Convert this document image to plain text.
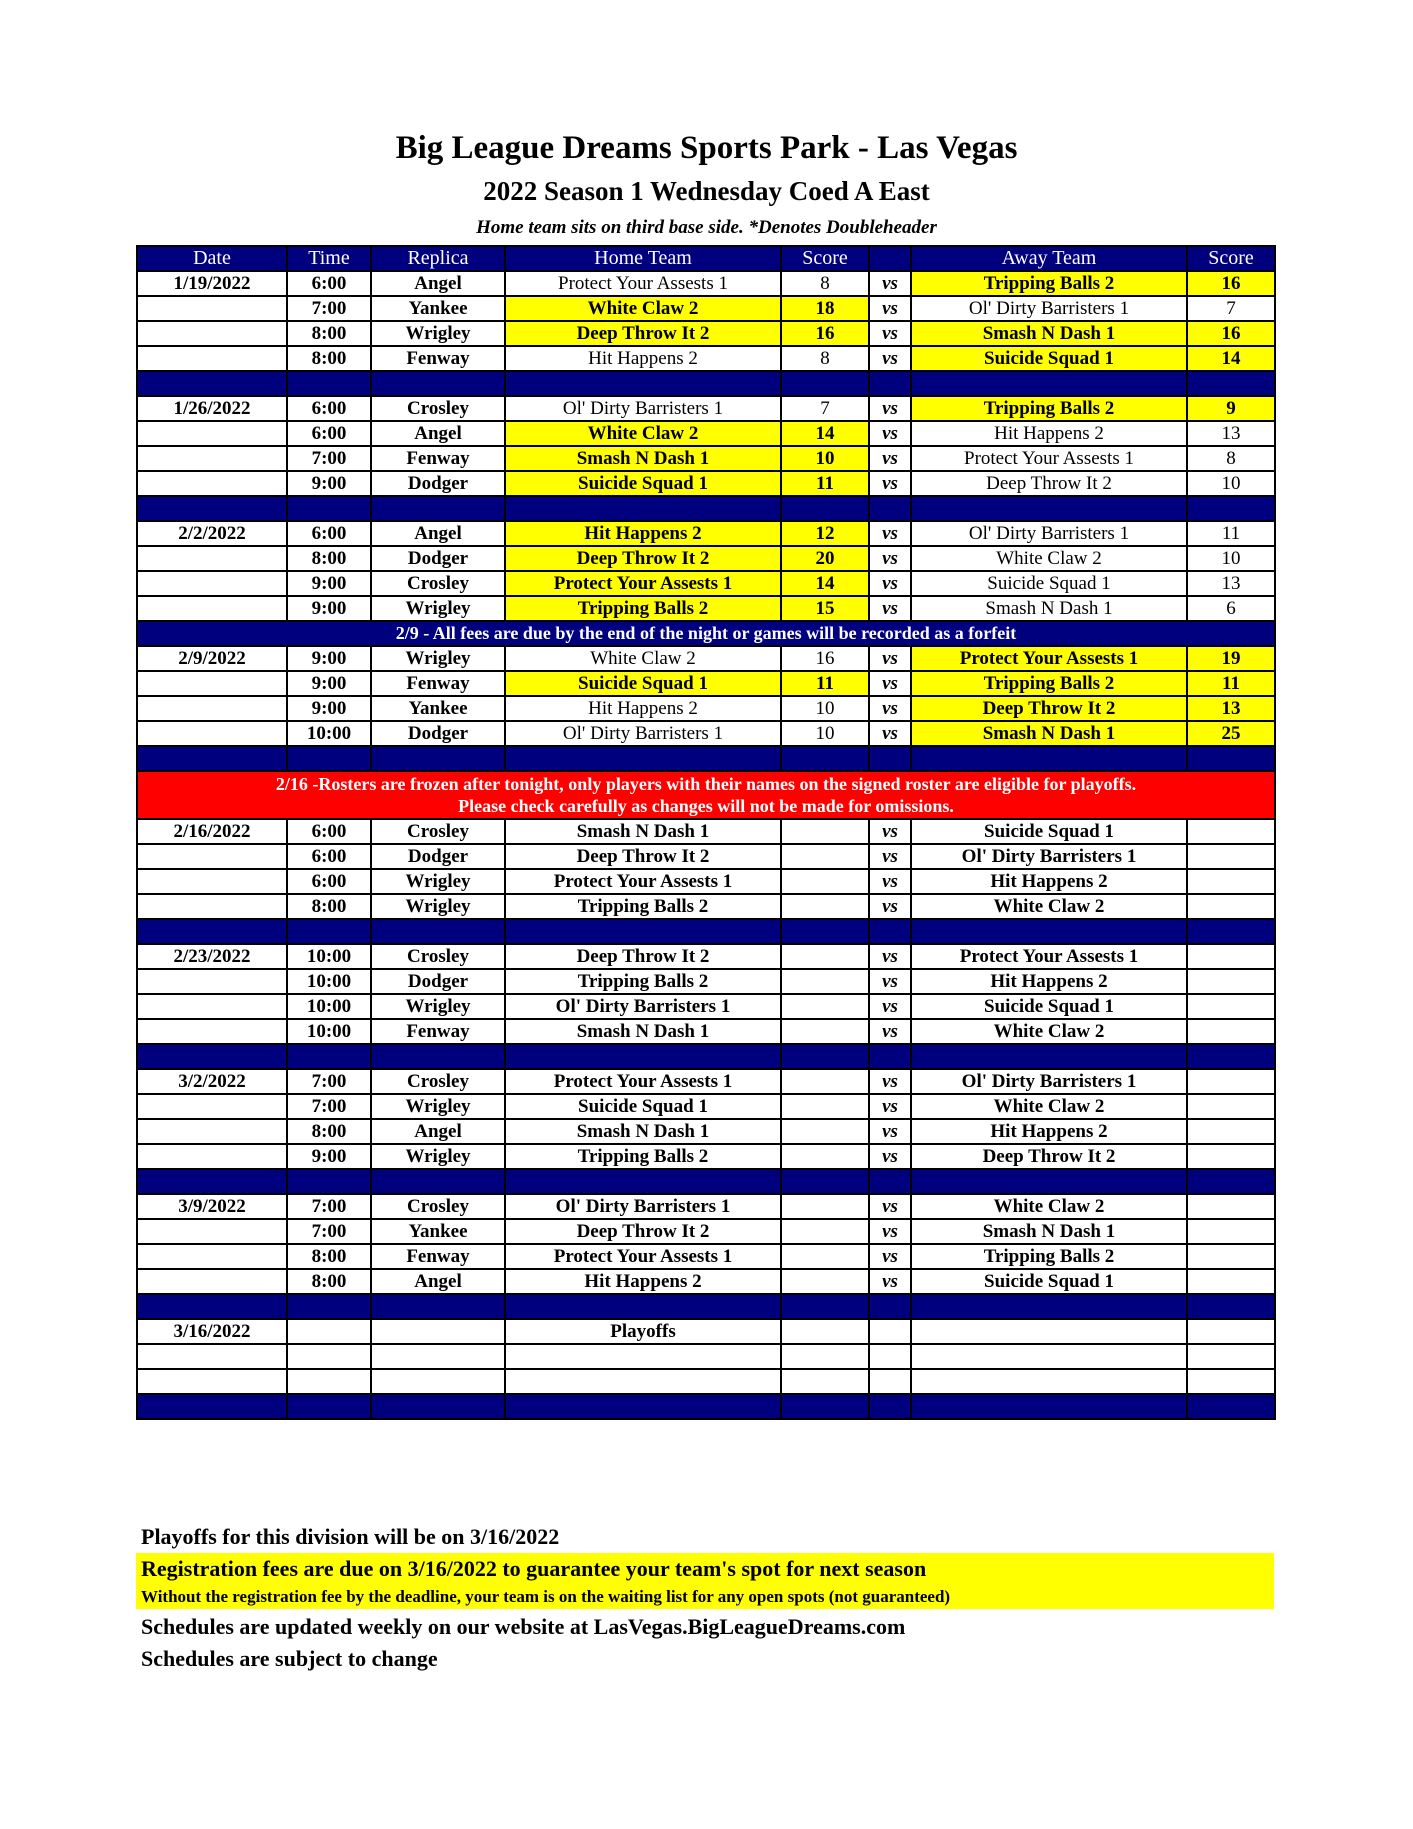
Big League Dreams Sports Park - Las Vegas
2022 Season 1 Wednesday Coed A East
Home team sits on third base side. *Denotes Doubleheader
Date	Time	Replica	Home Team	Score		Away Team	Score
1/19/2022	6:00	Angel	Protect Your Assests 1	8	vs	Tripping Balls 2	16
	7:00	Yankee	White Claw 2	18	vs	Ol' Dirty Barristers 1	7
	8:00	Wrigley	Deep Throw It 2	16	vs	Smash N Dash 1	16
	8:00	Fenway	Hit Happens 2	8	vs	Suicide Squad 1	14

1/26/2022	6:00	Crosley	Ol' Dirty Barristers 1	7	vs	Tripping Balls 2	9
	6:00	Angel	White Claw 2	14	vs	Hit Happens 2	13
	7:00	Fenway	Smash N Dash 1	10	vs	Protect Your Assests 1	8
	9:00	Dodger	Suicide Squad 1	11	vs	Deep Throw It 2	10

2/2/2022	6:00	Angel	Hit Happens 2	12	vs	Ol' Dirty Barristers 1	11
	8:00	Dodger	Deep Throw It 2	20	vs	White Claw 2	10
	9:00	Crosley	Protect Your Assests 1	14	vs	Suicide Squad 1	13
	9:00	Wrigley	Tripping Balls 2	15	vs	Smash N Dash 1	6
2/9 - All fees are due by the end of the night or games will be recorded as a forfeit							
2/9/2022	9:00	Wrigley	White Claw 2	16	vs	Protect Your Assests 1	19
	9:00	Fenway	Suicide Squad 1	11	vs	Tripping Balls 2	11
	9:00	Yankee	Hit Happens 2	10	vs	Deep Throw It 2	13
	10:00	Dodger	Ol' Dirty Barristers 1	10	vs	Smash N Dash 1	25

2/16 -Rosters are frozen after tonight, only players with their names on the signed roster are eligible for playoffs.
Please check carefully as changes will not be made for omissions.							

2/16/2022	6:00	Crosley	Smash N Dash 1		vs	Suicide Squad 1	
	6:00	Dodger	Deep Throw It 2		vs	Ol' Dirty Barristers 1	
	6:00	Wrigley	Protect Your Assests 1		vs	Hit Happens 2	
	8:00	Wrigley	Tripping Balls 2		vs	White Claw 2	

2/23/2022	10:00	Crosley	Deep Throw It 2		vs	Protect Your Assests 1	
	10:00	Dodger	Tripping Balls 2		vs	Hit Happens 2	
	10:00	Wrigley	Ol' Dirty Barristers 1		vs	Suicide Squad 1	
	10:00	Fenway	Smash N Dash 1		vs	White Claw 2	

3/2/2022	7:00	Crosley	Protect Your Assests 1		vs	Ol' Dirty Barristers 1	
	7:00	Wrigley	Suicide Squad 1		vs	White Claw 2	
	8:00	Angel	Smash N Dash 1		vs	Hit Happens 2	
	9:00	Wrigley	Tripping Balls 2		vs	Deep Throw It 2	

3/9/2022	7:00	Crosley	Ol' Dirty Barristers 1		vs	White Claw 2	
	7:00	Yankee	Deep Throw It 2		vs	Smash N Dash 1	
	8:00	Fenway	Protect Your Assests 1		vs	Tripping Balls 2	
	8:00	Angel	Hit Happens 2		vs	Suicide Squad 1	

3/16/2022			Playoffs				

Playoffs for this division will be on 3/16/2022
Registration fees are due on 3/16/2022 to guarantee your team's spot for next season
Without the registration fee by the deadline, your team is on the waiting list for any open spots (not guaranteed)
Schedules are updated weekly on our website at LasVegas.BigLeagueDreams.com
Schedules are subject to change
